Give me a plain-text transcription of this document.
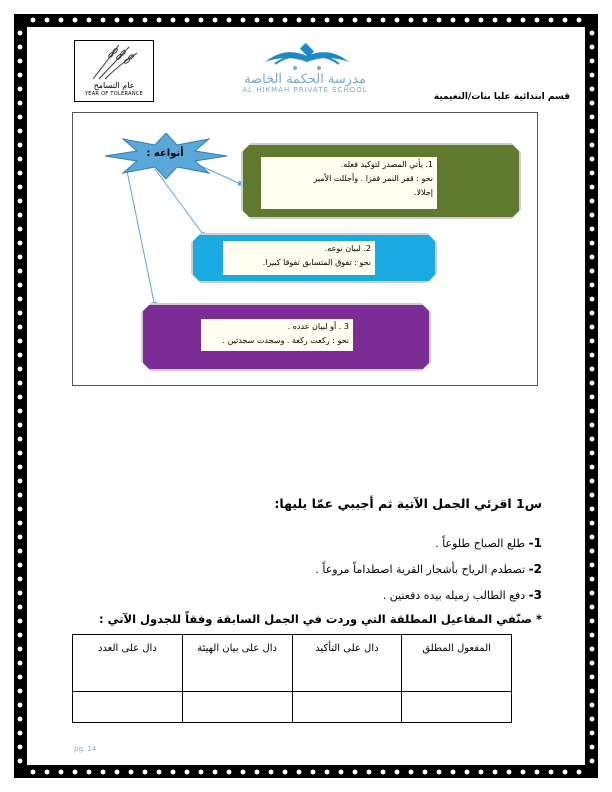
عام التسامح
YEAR OF TOLERANCE
مدرسة الحكمة الخاصة
AL HIKMAH PRIVATE SCHOOL
قسم ابتدائية عليا بنات/النعيمية
أنواعه :
1. يأتي المصدر لتوكيد فعله.
نحو : قفز النمر قفزا . وأجللت الأمير
إجلالا.
2. لبيان نوعه.
نحو : تفوق المتسابق تفوقا كبيرا.
3 . أو لبيان عدده .
نحو : ركعت ركعة . وسجدت سجدتين .
س1 اقرئي الجمل الآتية ثم أجيبي عمّا يليها:
1- طلع الصباح طلوعاً .
2- تصطدم الرياح بأشجار القرية اصطداماً مروعاً .
3- دفع الطالب زميله بيده دفعتين .
* صنّفي المفاعيل المطلقة التي وردت في الجمل السابقة وفقاً للجدول الآتي :
المفعول المطلق	دال على التأكيد	دال على بيان الهيئة	دال على العدد

pg. 14
